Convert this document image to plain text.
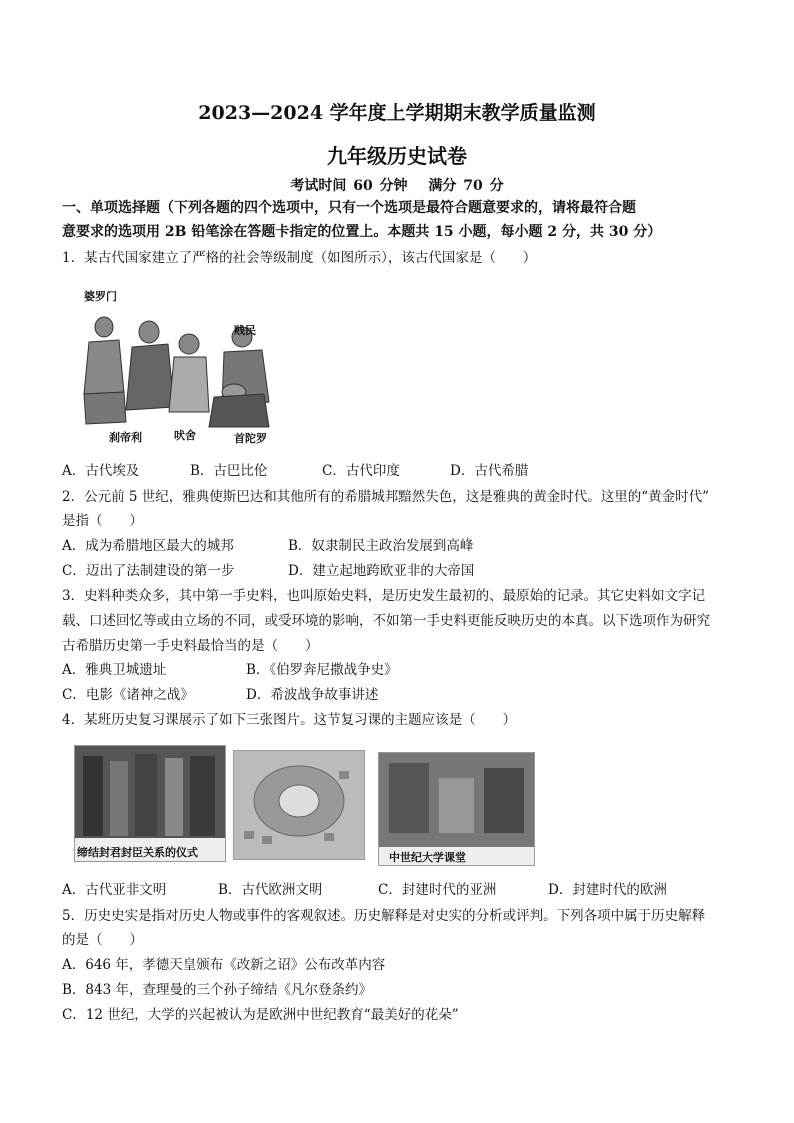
2023—2024 学年度上学期期末教学质量监测
九年级历史试卷
考试时间 60 分钟　 满分 70 分
一、单项选择题（下列各题的四个选项中，只有一个选项是最符合题意要求的，请将最符合题
意要求的选项用 2B 铅笔涂在答题卡指定的位置上。本题共 15 小题，每小题 2 分，共 30 分）
1．某古代国家建立了严格的社会等级制度（如图所示），该古代国家是（　　）
婆罗门
贱民
刹帝利	吠舍	首陀罗
A．古代埃及	B．古巴比伦	C．古代印度	D．古代希腊
2．公元前 5 世纪，雅典使斯巴达和其他所有的希腊城邦黯然失色，这是雅典的黄金时代。这里的“黄金时代”
是指（　　）
A．成为希腊地区最大的城邦	B．奴隶制民主政治发展到高峰
C．迈出了法制建设的第一步	D．建立起地跨欧亚非的大帝国
3．史料种类众多，其中第一手史料，也叫原始史料，是历史发生最初的、最原始的记录。其它史料如文字记
载、口述回忆等或由立场的不同，或受环境的影响，不如第一手史料更能反映历史的本真。以下选项作为研究
古希腊历史第一手史料最恰当的是（　　）
A．雅典卫城遗址	B．《伯罗奔尼撒战争史》
C．电影《诸神之战》	D．希波战争故事讲述
4．某班历史复习课展示了如下三张图片。这节复习课的主题应该是（　　）
缔结封君封臣关系的仪式	中世纪大学课堂
A．古代亚非文明	B．古代欧洲文明	C．封建时代的亚洲	D．封建时代的欧洲
5．历史史实是指对历史人物或事件的客观叙述。历史解释是对史实的分析或评判。下列各项中属于历史解释
的是（　　）
A．646 年，孝德天皇颁布《改新之诏》公布改革内容
B．843 年，查理曼的三个孙子缔结《凡尔登条约》
C．12 世纪，大学的兴起被认为是欧洲中世纪教育“最美好的花朵”
